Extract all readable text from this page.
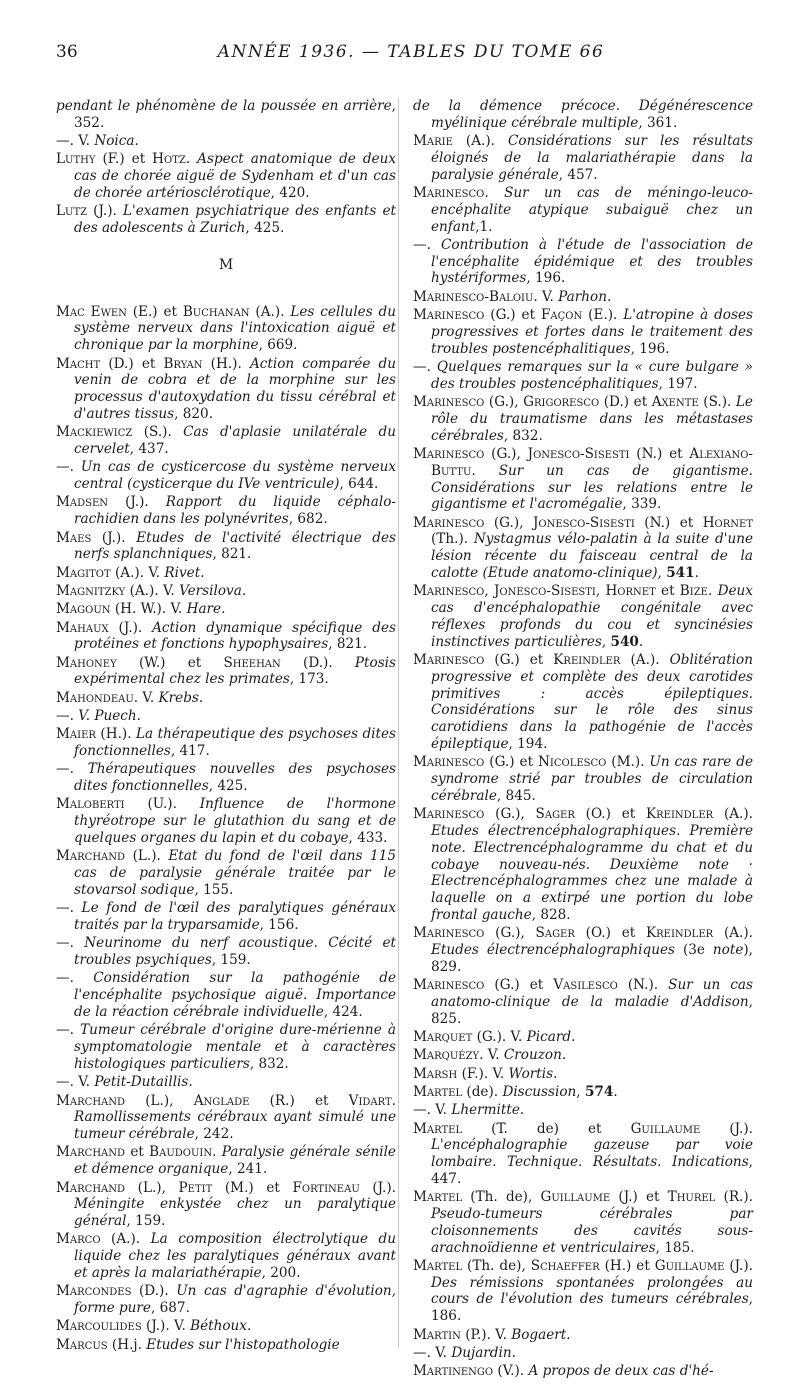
36	ANNÉE 1936. — TABLES DU TOME 66

pendant le phénomène de la poussée en arrière, 352.

—. V. Noica.

Luthy (F.) et Hotz. Aspect anatomique de deux cas de chorée aiguë de Sydenham et d'un cas de chorée artériosclérotique, 420.

Lutz (J.). L'examen psychiatrique des enfants et des adolescents à Zurich, 425.

M

Mac Ewen (E.) et Buchanan (A.). Les cellules du système nerveux dans l'intoxication aiguë et chronique par la morphine, 669.

Macht (D.) et Bryan (H.). Action comparée du venin de cobra et de la morphine sur les processus d'autoxydation du tissu cérébral et d'autres tissus, 820.

Mackiewicz (S.). Cas d'aplasie unilatérale du cervelet, 437.

—. Un cas de cysticercose du système nerveux central (cysticerque du IVe ventricule), 644.

Madsen (J.). Rapport du liquide céphalo-rachidien dans les polynévrites, 682.

Maes (J.). Etudes de l'activité électrique des nerfs splanchniques, 821.

Magitot (A.). V. Rivet.

Magnitzky (A.). V. Versilova.

Magoun (H. W.). V. Hare.

Mahaux (J.). Action dynamique spécifique des protéines et fonctions hypophysaires, 821.

Mahoney (W.) et Sheehan (D.). Ptosis expérimental chez les primates, 173.

Mahondeau. V. Krebs.

—. V. Puech.

Maier (H.). La thérapeutique des psychoses dites fonctionnelles, 417.

—. Thérapeutiques nouvelles des psychoses dites fonctionnelles, 425.

Maloberti (U.). Influence de l'hormone thyréotrope sur le glutathion du sang et de quelques organes du lapin et du cobaye, 433.

Marchand (L.). Etat du fond de l'œil dans 115 cas de paralysie générale traitée par le stovarsol sodique, 155.

—. Le fond de l'œil des paralytiques généraux traités par la tryparsamide, 156.

—. Neurinome du nerf acoustique. Cécité et troubles psychiques, 159.

—. Considération sur la pathogénie de l'encéphalite psychosique aiguë. Importance de la réaction cérébrale individuelle, 424.

—. Tumeur cérébrale d'origine dure-mérienne à symptomatologie mentale et à caractères histologiques particuliers, 832.

—. V. Petit-Dutaillis.

Marchand (L.), Anglade (R.) et Vidart. Ramollissements cérébraux ayant simulé une tumeur cérébrale, 242.

Marchand et Baudouin. Paralysie générale sénile et démence organique, 241.

Marchand (L.), Petit (M.) et Fortineau (J.). Méningite enkystée chez un paralytique général, 159.

Marco (A.). La composition électrolytique du liquide chez les paralytiques généraux avant et après la malariathérapie, 200.

Marcondes (D.). Un cas d'agraphie d'évolution, forme pure, 687.

Marcoulides (J.). V. Béthoux.

Marcus (H.j. Etudes sur l'histopathologie

de la démence précoce. Dégénérescence myélinique cérébrale multiple, 361.

Marie (A.). Considérations sur les résultats éloignés de la malariathérapie dans la paralysie générale, 457.

Marinesco. Sur un cas de méningo-leuco-encéphalite atypique subaiguë chez un enfant,1.

—. Contribution à l'étude de l'association de l'encéphalite épidémique et des troubles hystériformes, 196.

Marinesco-Baloiu. V. Parhon.

Marinesco (G.) et Façon (E.). L'atropine à doses progressives et fortes dans le traitement des troubles postencéphalitiques, 196.

—. Quelques remarques sur la « cure bulgare » des troubles postencéphalitiques, 197.

Marinesco (G.), Grigoresco (D.) et Axente (S.). Le rôle du traumatisme dans les métastases cérébrales, 832.

Marinesco (G.), Jonesco-Sisesti (N.) et Alexiano-Buttu. Sur un cas de gigantisme. Considérations sur les relations entre le gigantisme et l'acromégalie, 339.

Marinesco (G.), Jonesco-Sisesti (N.) et Hornet (Th.). Nystagmus vélo-palatin à la suite d'une lésion récente du faisceau central de la calotte (Etude anatomo-clinique), 541.

Marinesco, Jonesco-Sisesti, Hornet et Bize. Deux cas d'encéphalopathie congénitale avec réflexes profonds du cou et syncinésies instinctives particulières, 540.

Marinesco (G.) et Kreindler (A.). Oblitération progressive et complète des deux carotides primitives : accès épileptiques. Considérations sur le rôle des sinus carotidiens dans la pathogénie de l'accès épileptique, 194.

Marinesco (G.) et Nicolesco (M.). Un cas rare de syndrome strié par troubles de circulation cérébrale, 845.

Marinesco (G.), Sager (O.) et Kreindler (A.). Etudes électrencéphalographiques. Première note. Electrencéphalogramme du chat et du cobaye nouveau-nés. Deuxième note · Electrencéphalogrammes chez une malade à laquelle on a extirpé une portion du lobe frontal gauche, 828.

Marinesco (G.), Sager (O.) et Kreindler (A.). Etudes électrencéphalographiques (3e note), 829.

Marinesco (G.) et Vasilesco (N.). Sur un cas anatomo-clinique de la maladie d'Addison, 825.

Marquet (G.). V. Picard.

Marquézy. V. Crouzon.

Marsh (F.). V. Wortis.

Martel (de). Discussion, 574.

—. V. Lhermitte.

Martel (T. de) et Guillaume (J.). L'encéphalographie gazeuse par voie lombaire. Technique. Résultats. Indications, 447.

Martel (Th. de), Guillaume (J.) et Thurel (R.). Pseudo-tumeurs cérébrales par cloisonnements des cavités sous-arachnoïdienne et ventriculaires, 185.

Martel (Th. de), Schaeffer (H.) et Guillaume (J.). Des rémissions spontanées prolongées au cours de l'évolution des tumeurs cérébrales, 186.

Martin (P.). V. Bogaert.

—. V. Dujardin.

Martinengo (V.). A propos de deux cas d'hé-
